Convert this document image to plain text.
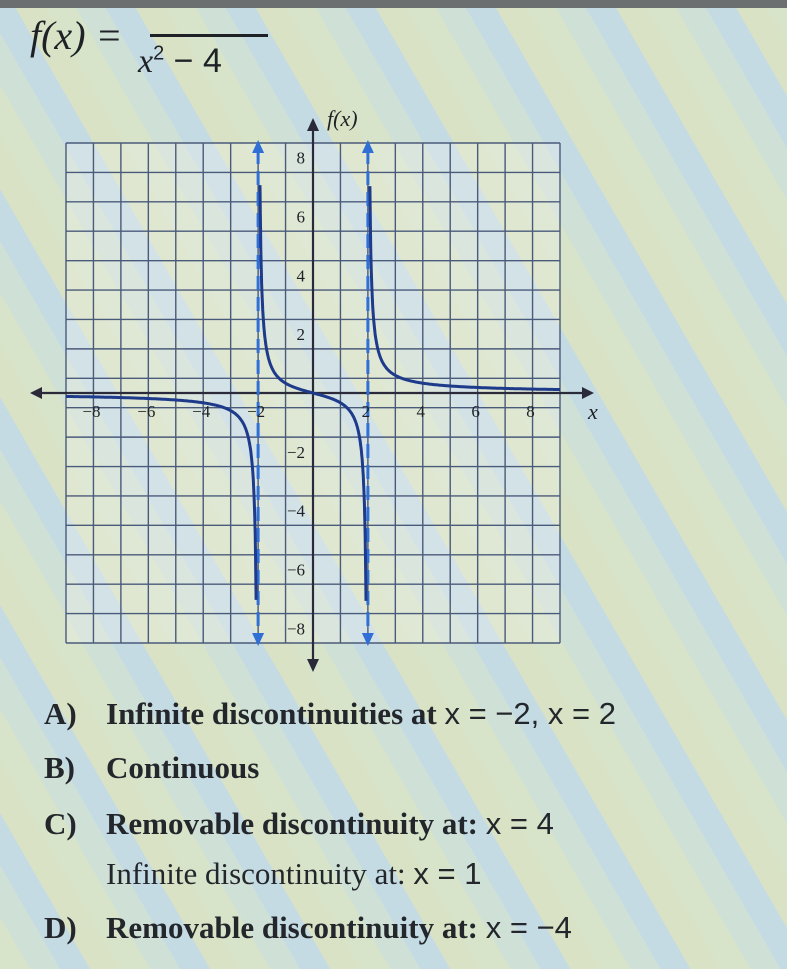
f(x) =
$x^2 - 4$
−8 −6 −4 −2	2	4	6	8
8
6
4
2
−2
−4
−6
−8
f(x)
x
A) Infinite discontinuities at x = −2, x = 2
B) Continuous
C) Removable discontinuity at: x = 4
Infinite discontinuity at: x = 1
D) Removable discontinuity at: x = −4
